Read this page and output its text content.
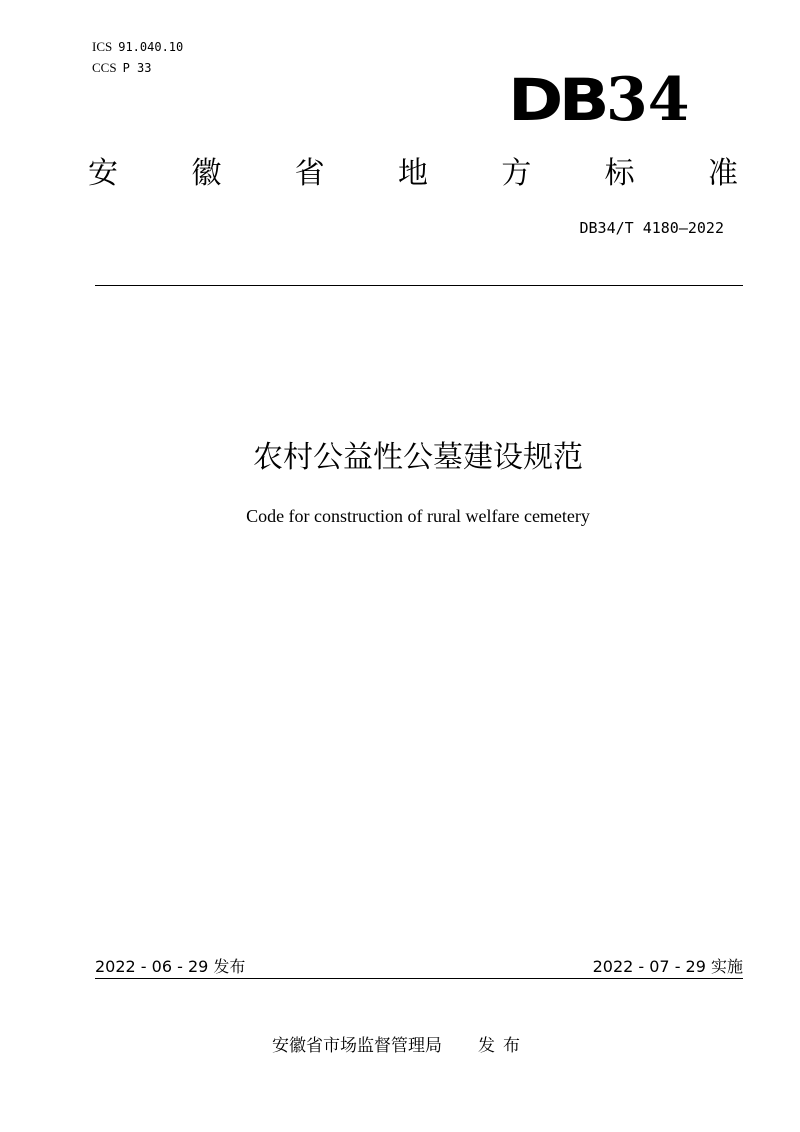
ICS 91.040.10
CCS P 33	DB 34
安 徽 省 地 方 标 准
DB34/T 4180—2022
农村公益性公墓建设规范
Code for construction of rural welfare cemetery
2022 - 06 - 29 发布	2022 - 07 - 29 实施
安徽省市场监督管理局 发布
